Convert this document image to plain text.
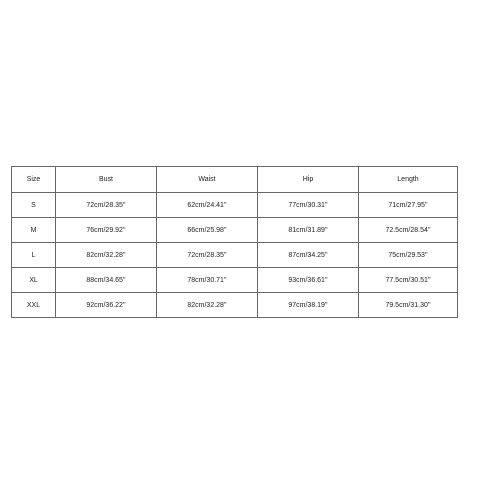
Size	Bust	Waist	Hip	Length
S	72cm/28.35''	62cm/24.41''	77cm/30.31''	71cm/27.95''
M	76cm/29.92''	66cm/25.98''	81cm/31.89''	72.5cm/28.54''
L	82cm/32.28''	72cm/28.35''	87cm/34.25''	75cm/29.53''
XL	88cm/34.65''	78cm/30.71''	93cm/36.61''	77.5cm/30.51''
XXL	92cm/36.22''	82cm/32.28''	97cm/38.19''	79.5cm/31.30''
